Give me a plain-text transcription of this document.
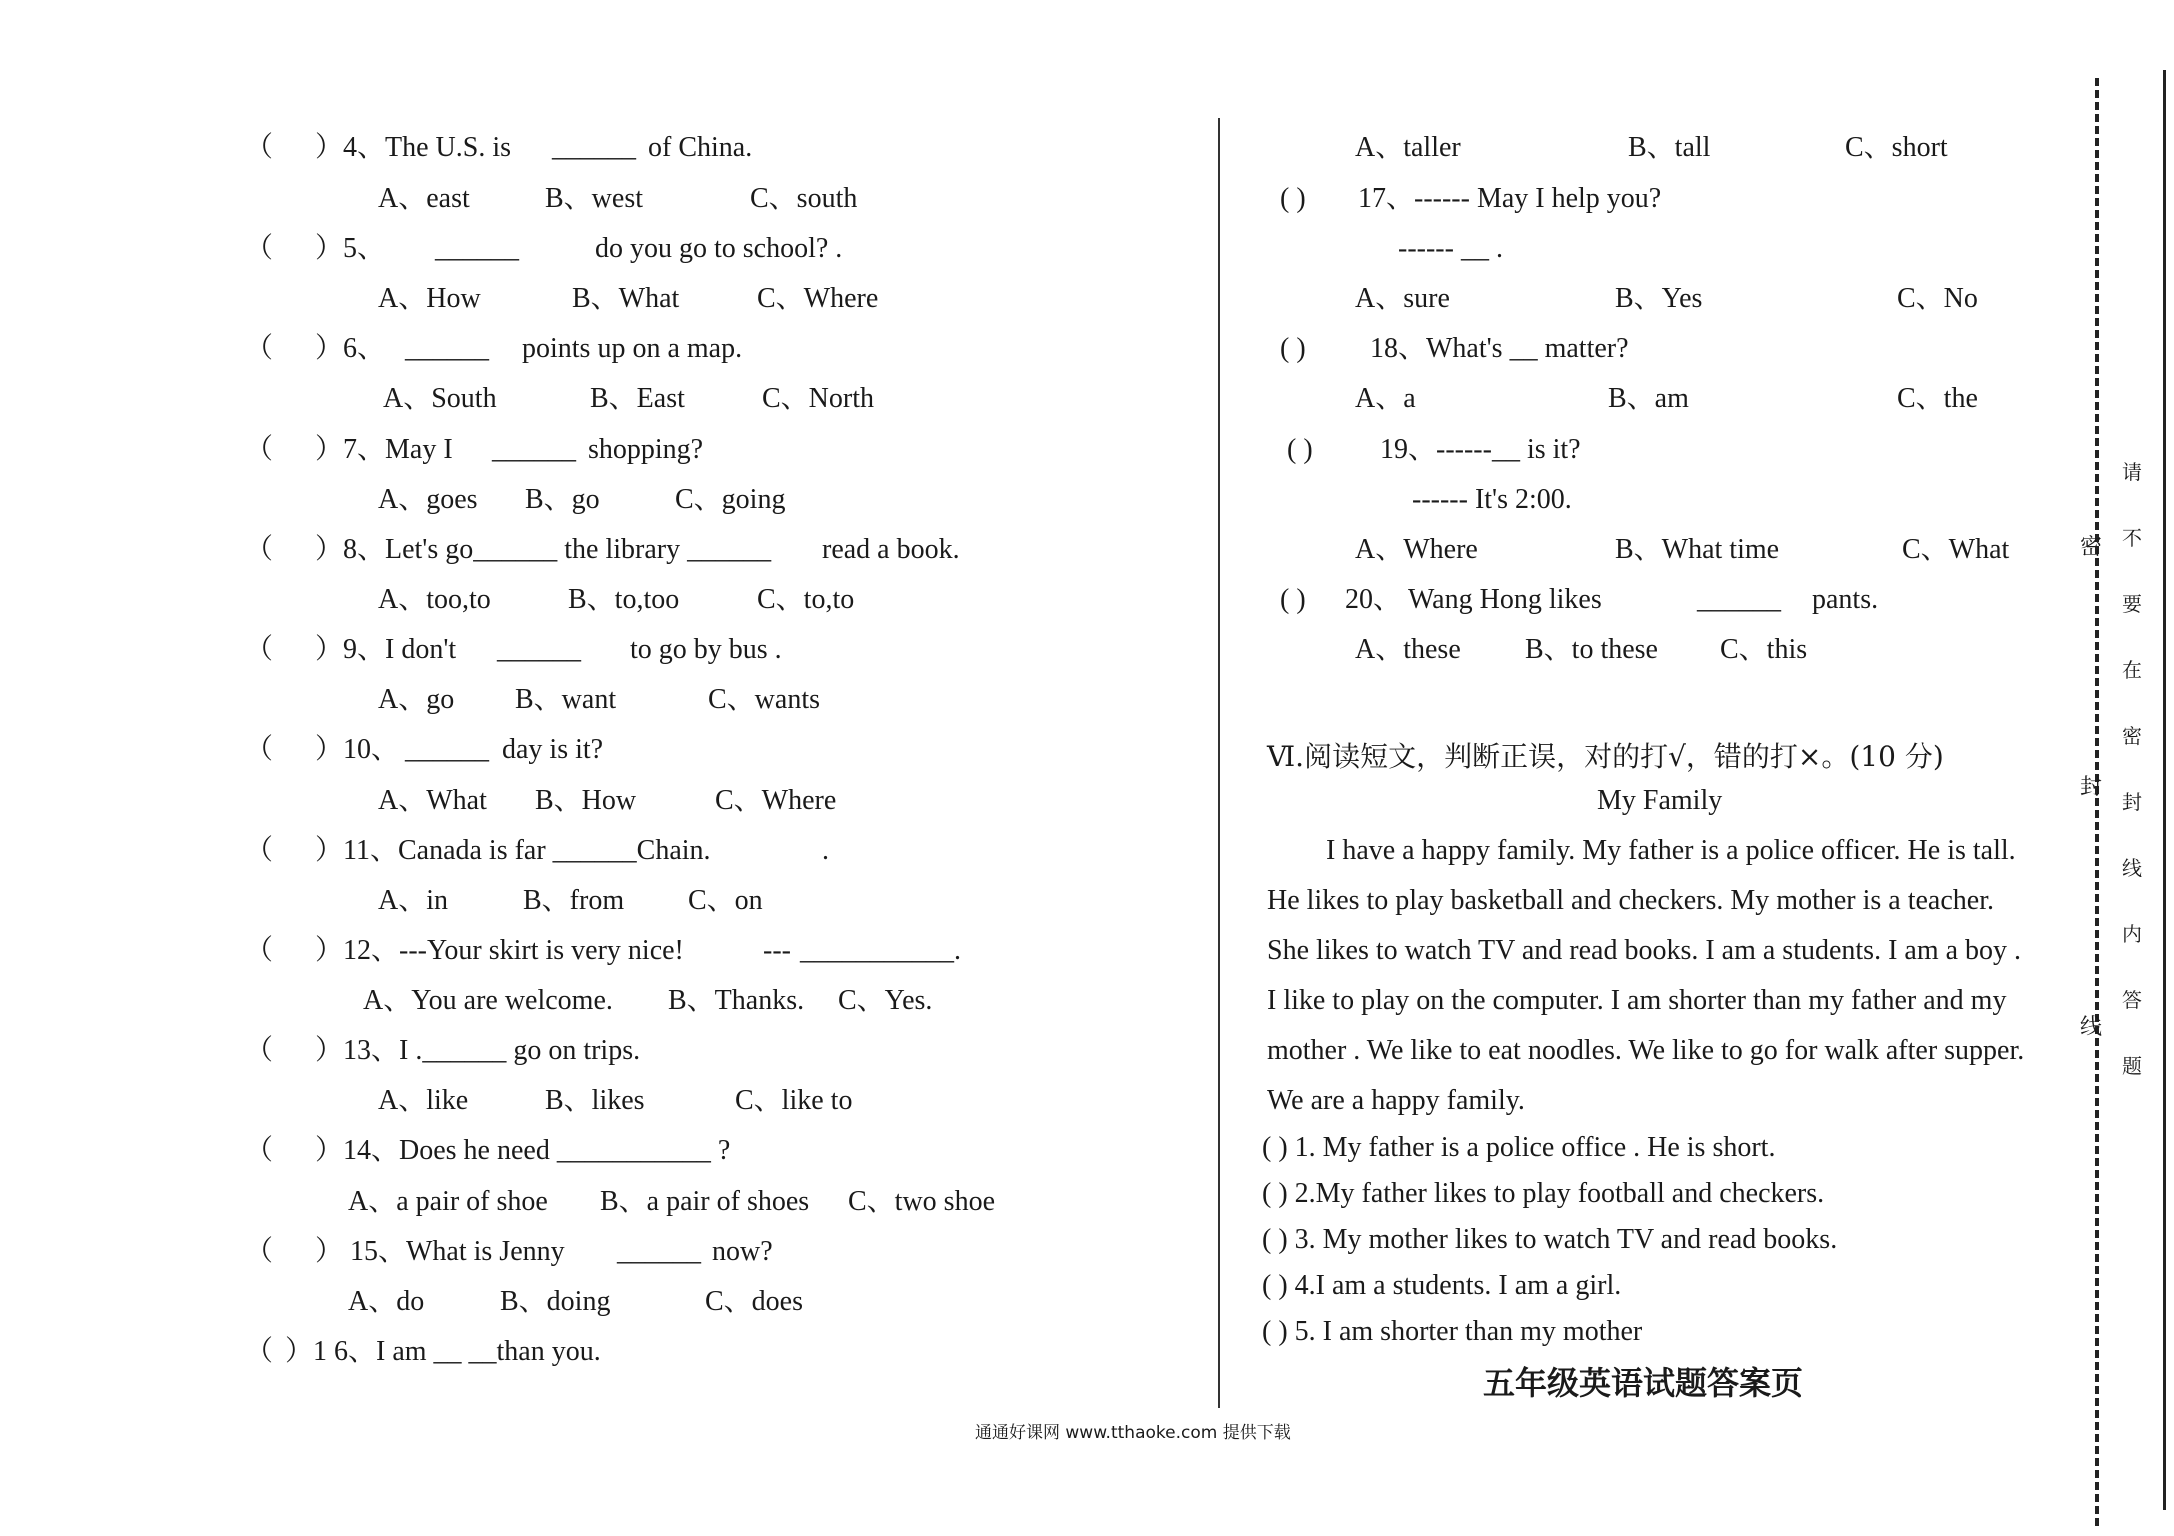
（ ）4、The U.S. is ______ of China.
A、east	B、west	C、south
（ ）5、 ______	do you go to school? .
A、How	B、What	C、Where
（ ）6、 ______ points up on a map.
A、South	B、East	C、North
（ ）7、May I ______ shopping?
A、goes B、go	C、going
（ ）8、Let's go______ the library ______ read a book.
A、too,to	B、to,too	C、to,to
（ ）9、I don't ______ to go by bus .
A、go B、want	C、wants
（ ）10、 ______ day is it?
A、What B、How	C、Where
（ ）11、Canada is far ______Chain.	.
A、in	B、from C、on
（ ）12、---Your skirt is very nice!	--- ___________.
A、You are welcome. B、Thanks. C、Yes.
（ ）13、I .______ go on trips.
A、like	B、likes	C、like to
（ ）14、Does he need ___________ ?
A、a pair of shoe B、a pair of shoes C、two shoe
（ ） 15、What is Jenny ______ now?
A、do	B、doing	C、does
（ ）1 6、I am __ __than you.
A、taller	B、tall	C、short
( ) 17、------ May I help you?
------ __ .
A、sure	B、Yes	C、No
( ) 18、What's __ matter?
A、a	B、am	C、the
( ) 19、------__ is it?
------ It's 2:00.
A、Where	B、What time	C、What
( ) 20、 Wang Hong likes	______ pants.
A、these B、to these C、this
Ⅵ.阅读短文，判断正误，对的打√，错的打×。(10 分)
My Family
I have a happy family. My father is a police officer. He is tall.
He likes to play basketball and checkers. My mother is a teacher.
She likes to watch TV and read books. I am a students. I am a boy .
I like to play on the computer. I am shorter than my father and my
mother . We like to eat noodles. We like to go for walk after supper.
We are a happy family.
( ) 1. My father is a police office . He is short.
( ) 2.My father likes to play football and checkers.
( ) 3. My mother likes to watch TV and read books.
( ) 4.I am a students. I am a girl.
( ) 5. I am shorter than my mother
五年级英语试题答案页
通通好课网 www.tthaoke.com 提供下载
密
封
线
请
不
要
在
密
封
线
内
答
题
